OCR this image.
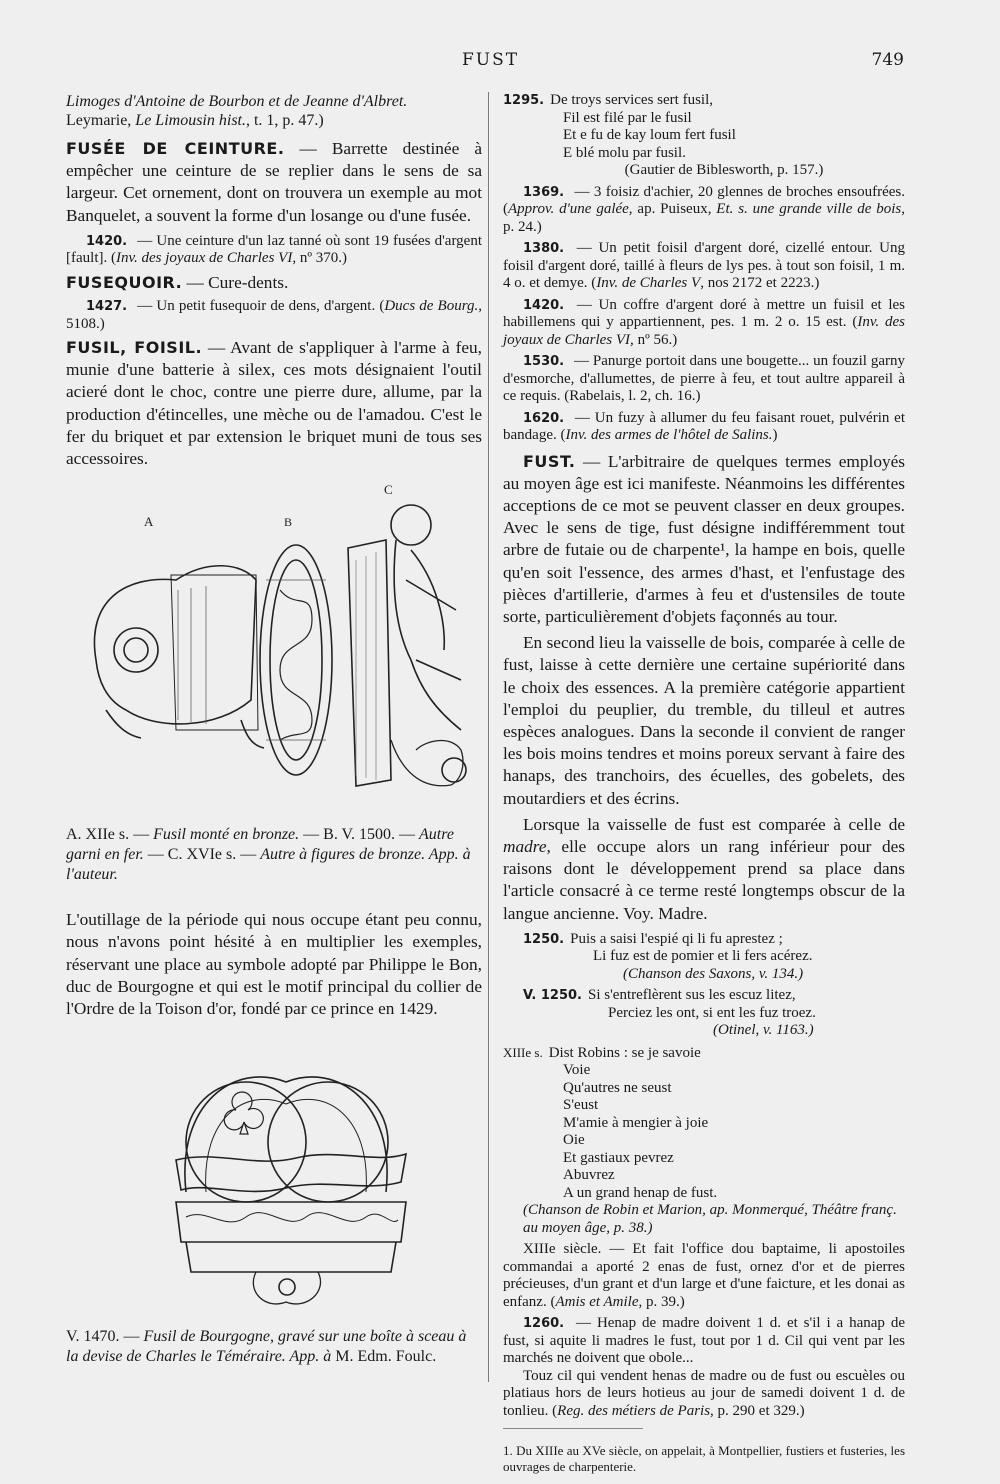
FUST	749

Limoges d'Antoine de Bourbon et de Jeanne d'Albret.
Leymarie, Le Limousin hist., t. 1, p. 47.)

FUSÉE DE CEINTURE. — Barrette destinée à empêcher une ceinture de se replier dans le sens de sa largeur. Cet ornement, dont on trouvera un exemple au mot Banquelet, a souvent la forme d'un losange ou d'une fusée.

1420. — Une ceinture d'un laz tanné où sont 19 fusées d'argent [fault]. (Inv. des joyaux de Charles VI, nº 370.)

FUSEQUOIR. — Cure-dents.

1427. — Un petit fusequoir de dens, d'argent. (Ducs de Bourg., 5108.)

FUSIL, FOISIL. — Avant de s'appliquer à l'arme à feu, munie d'une batterie à silex, ces mots désignaient l'outil acieré dont le choc, contre une pierre dure, allume, par la production d'étincelles, une mèche ou de l'amadou. C'est le fer du briquet et par extension le briquet muni de tous ses accessoires.

C
A	B
A. XIIe s. — Fusil monté en bronze. — B. V. 1500. — Autre garni en fer. — C. XVIe s. — Autre à figures de bronze. App. à l'auteur.

L'outillage de la période qui nous occupe étant peu connu, nous n'avons point hésité à en multiplier les exemples, réservant une place au symbole adopté par Philippe le Bon, duc de Bourgogne et qui est le motif principal du collier de l'Ordre de la Toison d'or, fondé par ce prince en 1429.

V. 1470. — Fusil de Bourgogne, gravé sur une boîte à sceau à la devise de Charles le Téméraire. App. à M. Edm. Foulc.
1295. De troys services sert fusil,
Fil est filé par le fusil
Et e fu de kay loum fert fusil
E blé molu par fusil.
(Gautier de Biblesworth, p. 157.)

1369. — 3 foisiz d'achier, 20 glennes de broches ensoufrées. (Approv. d'une galée, ap. Puiseux, Et. s. une grande ville de bois, p. 24.)

1380. — Un petit foisil d'argent doré, cizellé entour. Ung foisil d'argent doré, taillé à fleurs de lys pes. à tout son foisil, 1 m. 4 o. et demye. (Inv. de Charles V, nos 2172 et 2223.)

1420. — Un coffre d'argent doré à mettre un fuisil et les habillemens qui y appartiennent, pes. 1 m. 2 o. 15 est. (Inv. des joyaux de Charles VI, nº 56.)

1530. — Panurge portoit dans une bougette... un fouzil garny d'esmorche, d'allumettes, de pierre à feu, et tout aultre appareil à ce requis. (Rabelais, l. 2, ch. 16.)

1620. — Un fuzy à allumer du feu faisant rouet, pulvérin et bandage. (Inv. des armes de l'hôtel de Salins.)

FUST. — L'arbitraire de quelques termes employés au moyen âge est ici manifeste. Néanmoins les différentes acceptions de ce mot se peuvent classer en deux groupes. Avec le sens de tige, fust désigne indifféremment tout arbre de futaie ou de charpente¹, la hampe en bois, quelle qu'en soit l'essence, des armes d'hast, et l'enfustage des pièces d'artillerie, d'armes à feu et d'ustensiles de toute sorte, particulièrement d'objets façonnés au tour.

En second lieu la vaisselle de bois, comparée à celle de fust, laisse à cette dernière une certaine supériorité dans le choix des essences. A la première catégorie appartient l'emploi du peuplier, du tremble, du tilleul et autres espèces analogues. Dans la seconde il convient de ranger les bois moins tendres et moins poreux servant à faire des hanaps, des tranchoirs, des écuelles, des gobelets, des moutardiers et des écrins.

Lorsque la vaisselle de fust est comparée à celle de madre, elle occupe alors un rang inférieur pour des raisons dont le développement prend sa place dans l'article consacré à ce terme resté longtemps obscur de la langue ancienne. Voy. Madre.

1250. Puis a saisi l'espié qi li fu aprestez ;
Li fuz est de pomier et li fers acérez.
(Chanson des Saxons, v. 134.)
V. 1250. Si s'entreflèrent sus les escuz litez,
Perciez les ont, si ent les fuz troez.
(Otinel, v. 1163.)
XIIIe s. Dist Robins : se je savoie
Voie
Qu'autres ne seust
S'eust
M'amie à mengier à joie
Oie
Et gastiaux pevrez
Abuvrez
A un grand henap de fust.
(Chanson de Robin et Marion, ap. Monmerqué, Théâtre franç. au moyen âge, p. 38.)

XIIIe siècle. — Et fait l'office dou baptaime, li apostoiles commandai a aporté 2 enas de fust, ornez d'or et de pierres précieuses, d'un grant et d'un large et d'une faicture, et les donai as enfanz. (Amis et Amile, p. 39.)

1260. — Henap de madre doivent 1 d. et s'il i a hanap de fust, si aquite li madres le fust, tout por 1 d. Cil qui vent par les marchés ne doivent que obole...
Touz cil qui vendent henas de madre ou de fust ou escuèles ou platiaus hors de leurs hotieus au jour de samedi doivent 1 d. de tonlieu. (Reg. des métiers de Paris, p. 290 et 329.)

1. Du XIIIe au XVe siècle, on appelait, à Montpellier, fustiers et fusteries, les ouvrages de charpenterie.
